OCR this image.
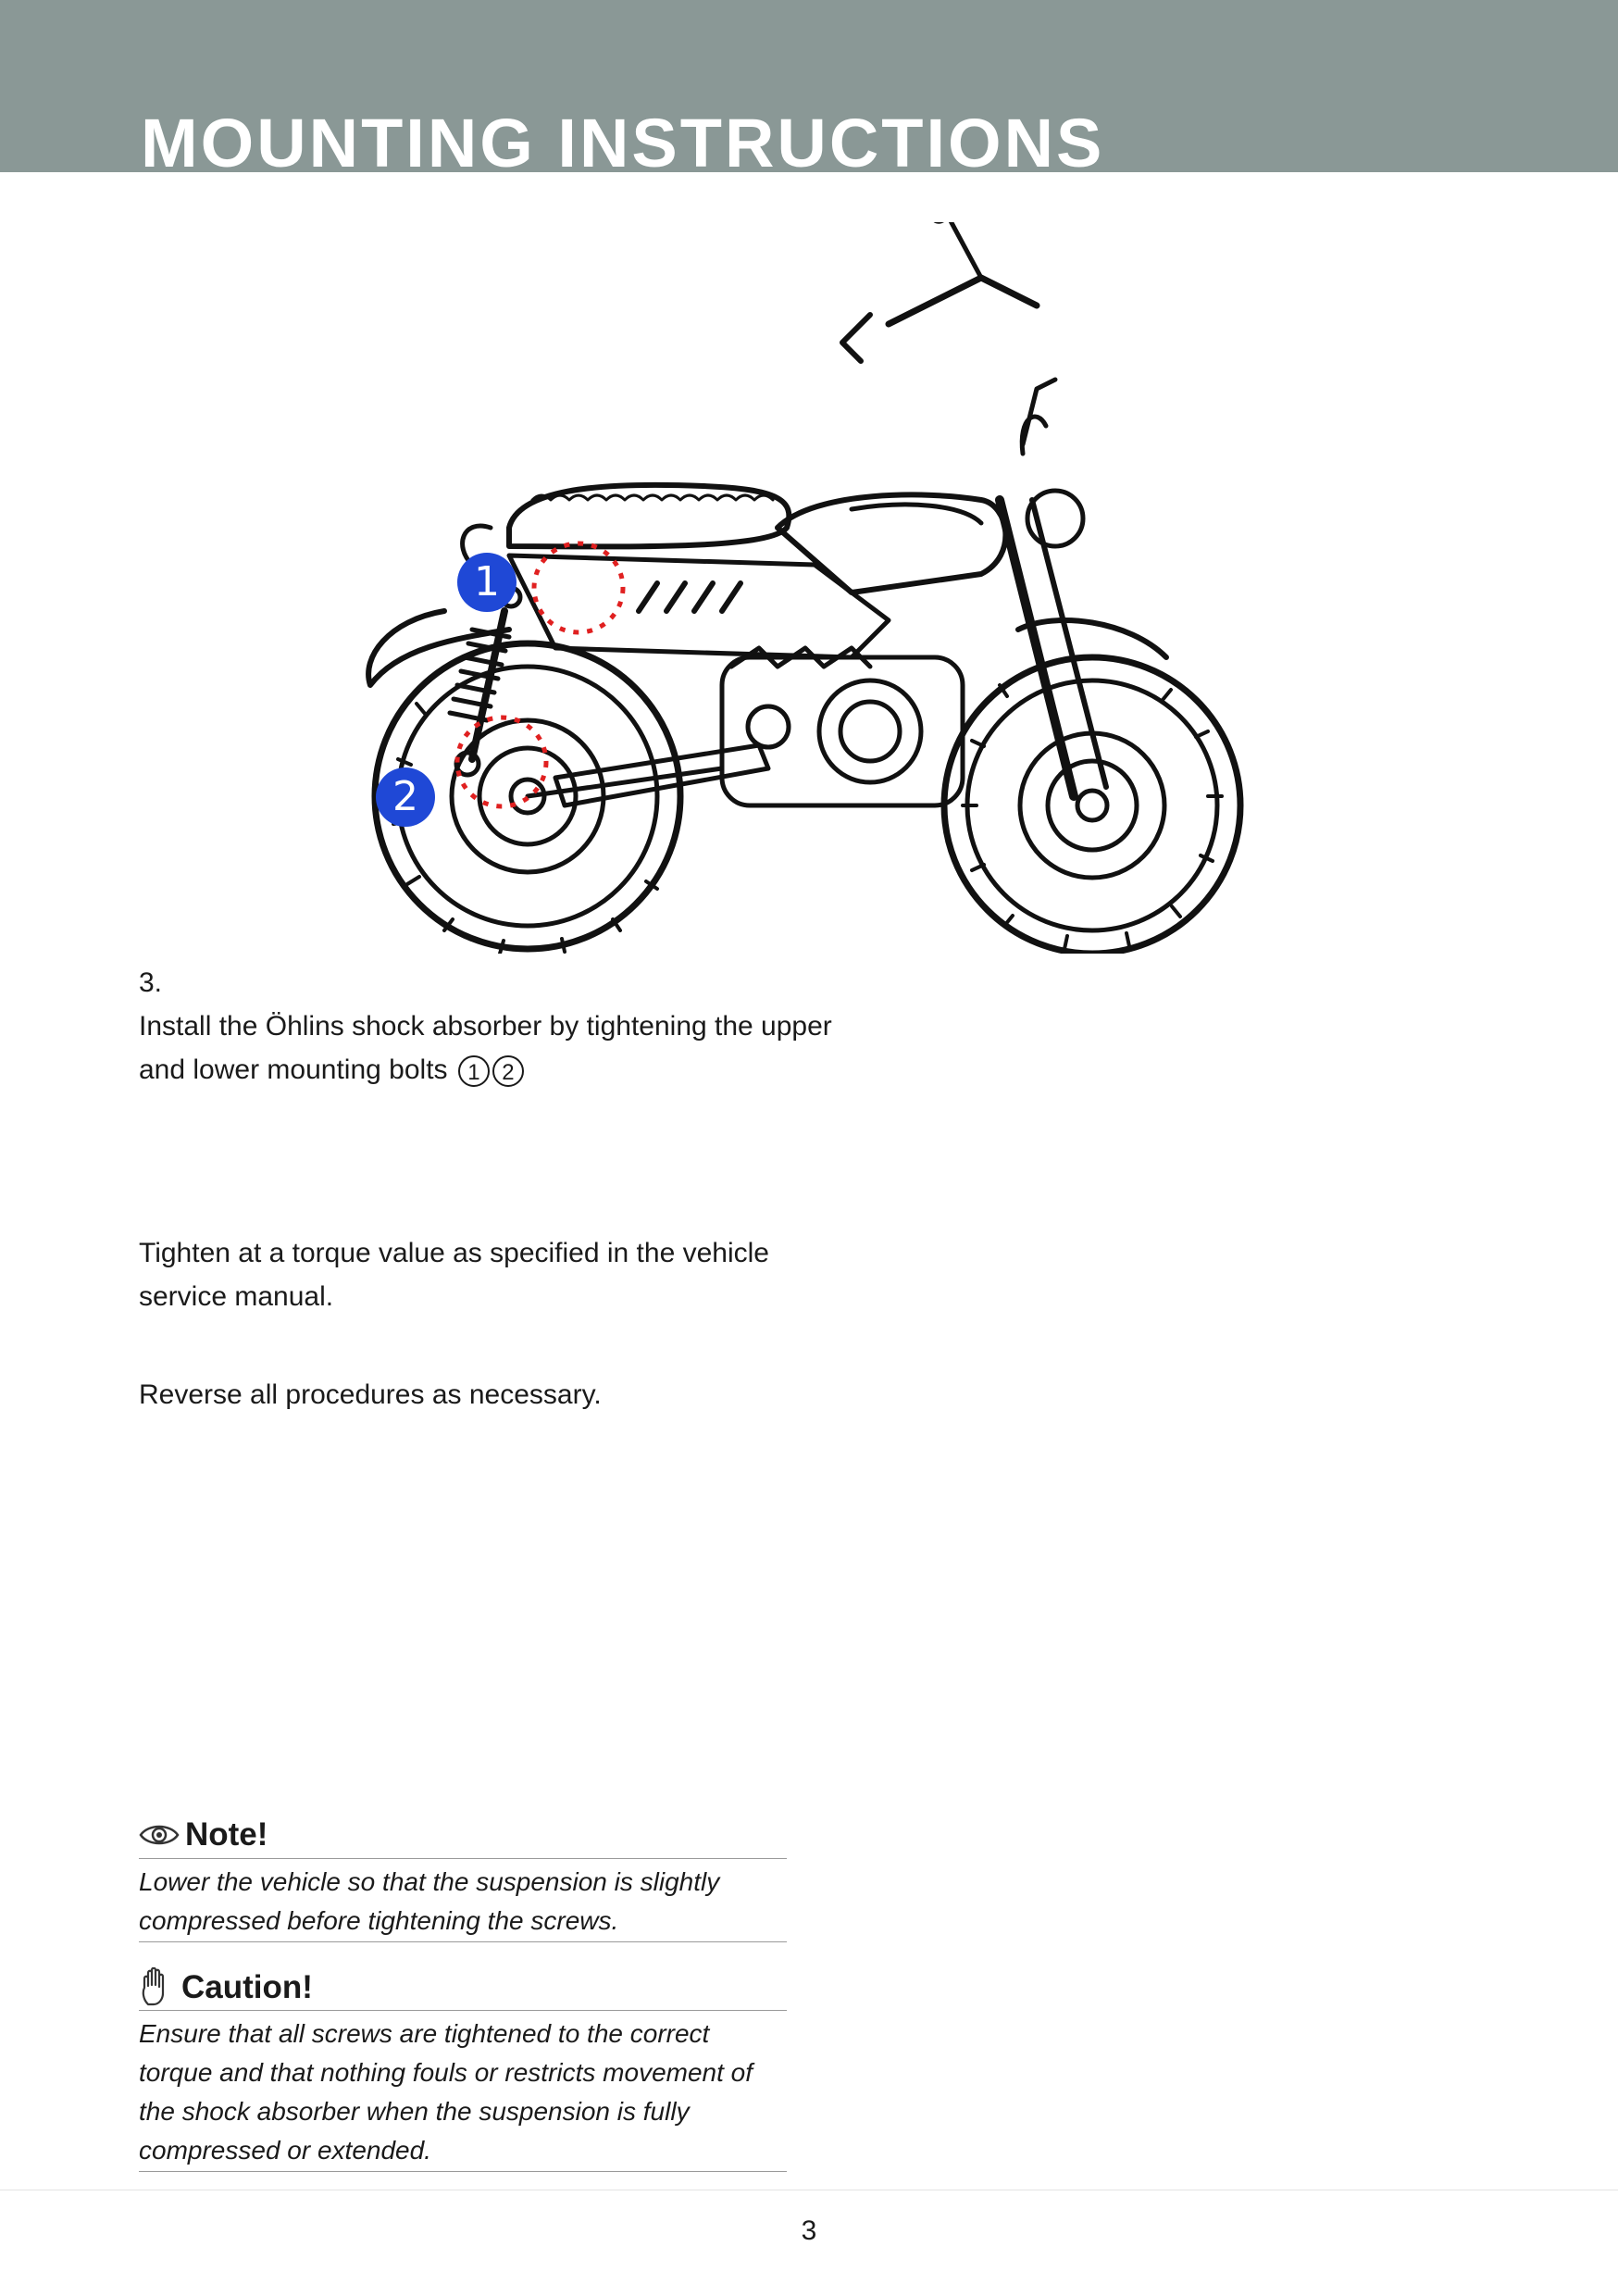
MOUNTING INSTRUCTIONS
1
2
3.
Install the Öhlins shock absorber by tightening the upper and lower mounting bolts 1 2
Tighten at a torque value as specified in the vehicle service manual.
Reverse all procedures as necessary.
Note!
Lower the vehicle so that the suspension is slightly compressed before tightening the screws.
Caution!
Ensure that all screws are tightened to the correct torque and that nothing fouls or restricts movement of the shock absorber when the suspension is fully compressed or extended.
3
